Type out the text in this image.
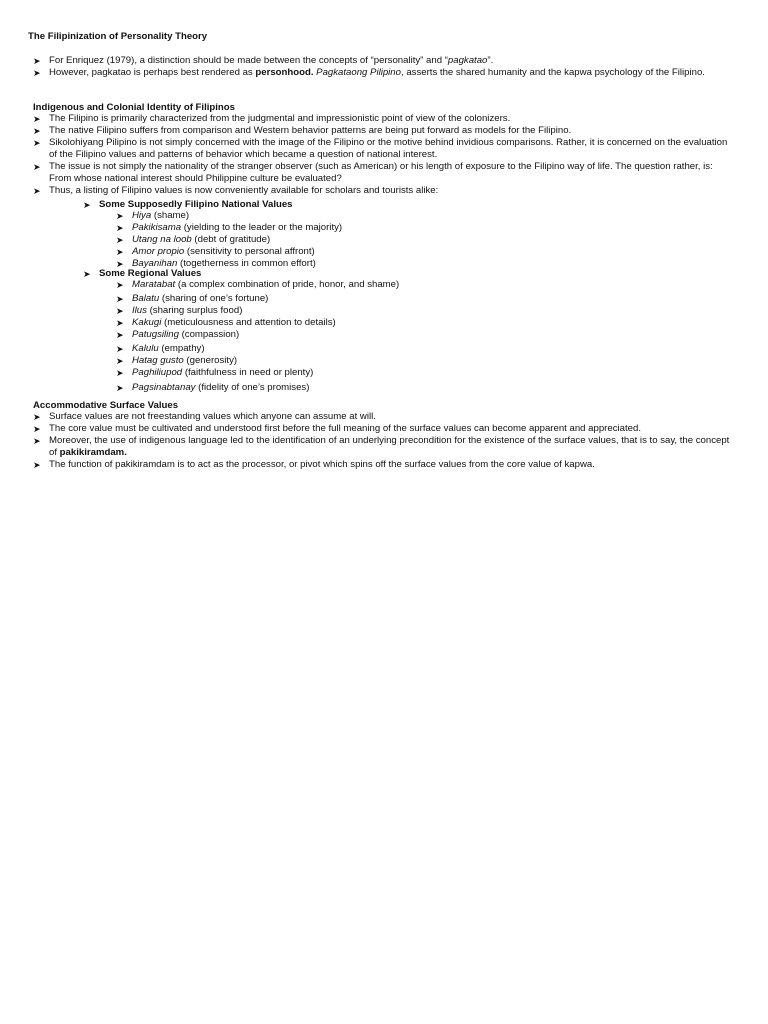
The Filipinization of Personality Theory
➤ For Enriquez (1979), a distinction should be made between the concepts of “personality” and “pagkatao”.
➤ However, pagkatao is perhaps best rendered as personhood. Pagkataong Pilipino, asserts the shared humanity and the kapwa psychology of the Filipino.
Indigenous and Colonial Identity of Filipinos
➤ The Filipino is primarily characterized from the judgmental and impressionistic point of view of the colonizers.
➤ The native Filipino suffers from comparison and Western behavior patterns are being put forward as models for the Filipino.
➤ Sikolohiyang Pilipino is not simply concerned with the image of the Filipino or the motive behind invidious comparisons. Rather, it is concerned on the evaluation of the Filipino values and patterns of behavior which became a question of national interest.
➤ The issue is not simply the nationality of the stranger observer (such as American) or his length of exposure to the Filipino way of life. The question rather, is: From whose national interest should Philippine culture be evaluated?
➤ Thus, a listing of Filipino values is now conveniently available for scholars and tourists alike:
➤ Some Supposedly Filipino National Values
➤ Hiya (shame)
➤ Pakikisama (yielding to the leader or the majority)
➤ Utang na loob (debt of gratitude)
➤ Amor propio (sensitivity to personal affront)
➤ Bayanihan (togetherness in common effort)
➤ Some Regional Values
➤ Maratabat (a complex combination of pride, honor, and shame)
➤ Balatu (sharing of one’s fortune)
➤ Ilus (sharing surplus food)
➤ Kakugi (meticulousness and attention to details)
➤ Patugsiling (compassion)
➤ Kalulu (empathy)
➤ Hatag gusto (generosity)
➤ Paghiliupod (faithfulness in need or plenty)
➤ Pagsinabtanay (fidelity of one’s promises)
Accommodative Surface Values
➤ Surface values are not freestanding values which anyone can assume at will.
➤ The core value must be cultivated and understood first before the full meaning of the surface values can become apparent and appreciated.
➤ Moreover, the use of indigenous language led to the identification of an underlying precondition for the existence of the surface values, that is to say, the concept of pakikiramdam.
➤ The function of pakikiramdam is to act as the processor, or pivot which spins off the surface values from the core value of kapwa.
